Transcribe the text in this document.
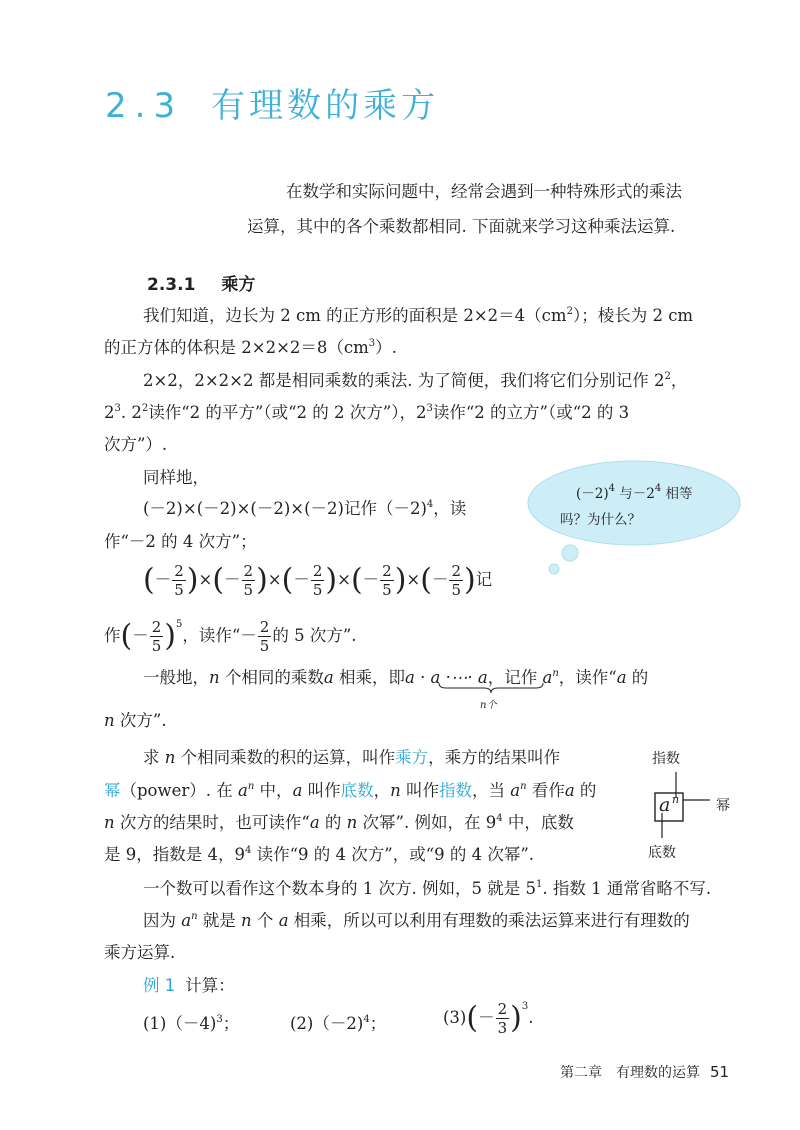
2.3 有理数的乘方
在数学和实际问题中，经常会遇到一种特殊形式的乘法
运算，其中的各个乘数都相同. 下面就来学习这种乘法运算.
2.3.1 乘方
我们知道，边长为 2 cm 的正方形的面积是 $2\times 2=4(cm^2)$；棱长为 2 cm
的正方体的体积是 $2\times 2\times 2=8(cm^3)$.
2×2，2×2×2 都是相同乘数的乘法. 为了简便，我们将它们分别记作 $2^2$，
$2^3$. $2^2$读作“2 的平方”（或“2 的 2 次方”），$2^3$读作“2 的立方”（或“2 的 3
次方”）.
同样地，
(－2)×(－2)×(－2)×(－2)记作（－2)$^4$，读
作“－2 的 4 次方”；
(－ $\frac{2}{5}$ )×(－ $\frac{2}{5}$ )×(－ $\frac{2}{5}$ )×(－ $\frac{2}{5}$ )×(－ $\frac{2}{5}$ )记
作(－ $\frac{2}{5} )^5$，读作“－ $\frac{2}{5}$ 的 5 次方”.
$(-2)^4$ 与$-2^4$ 相等
吗？为什么？
一般地，n 个相同的乘数a 相乘，即a · a ·⋯· a，记作 $a^n$，读作“a 的
n个
n 次方”.
求 n 个相同乘数的积的运算，叫作乘方，乘方的结果叫作
幂（power）. 在 $a^n$ 中，a 叫作底数，n 叫作指数，当 $a^n$ 看作a 的
n 次方的结果时，也可读作“a 的 n 次幂”. 例如，在 $9^4$ 中，底数
是 9，指数是 4，$9^4$ 读作“9 的 4 次方”，或“9 的 4 次幂”.
指数
幂
底数
a n
一个数可以看作这个数本身的 1 次方. 例如，5 就是 $5^1$. 指数 1 通常省略不写.
因为 $a^n$ 就是 n 个 a 相乘，所以可以利用有理数的乘法运算来进行有理数的
乘方运算.
例 1 计算：
(1)（－4)$^3$；	(2)（－2)$^4$；	$(3)(- \frac{2}{3} )^3$.
第二章　有理数的运算 51
